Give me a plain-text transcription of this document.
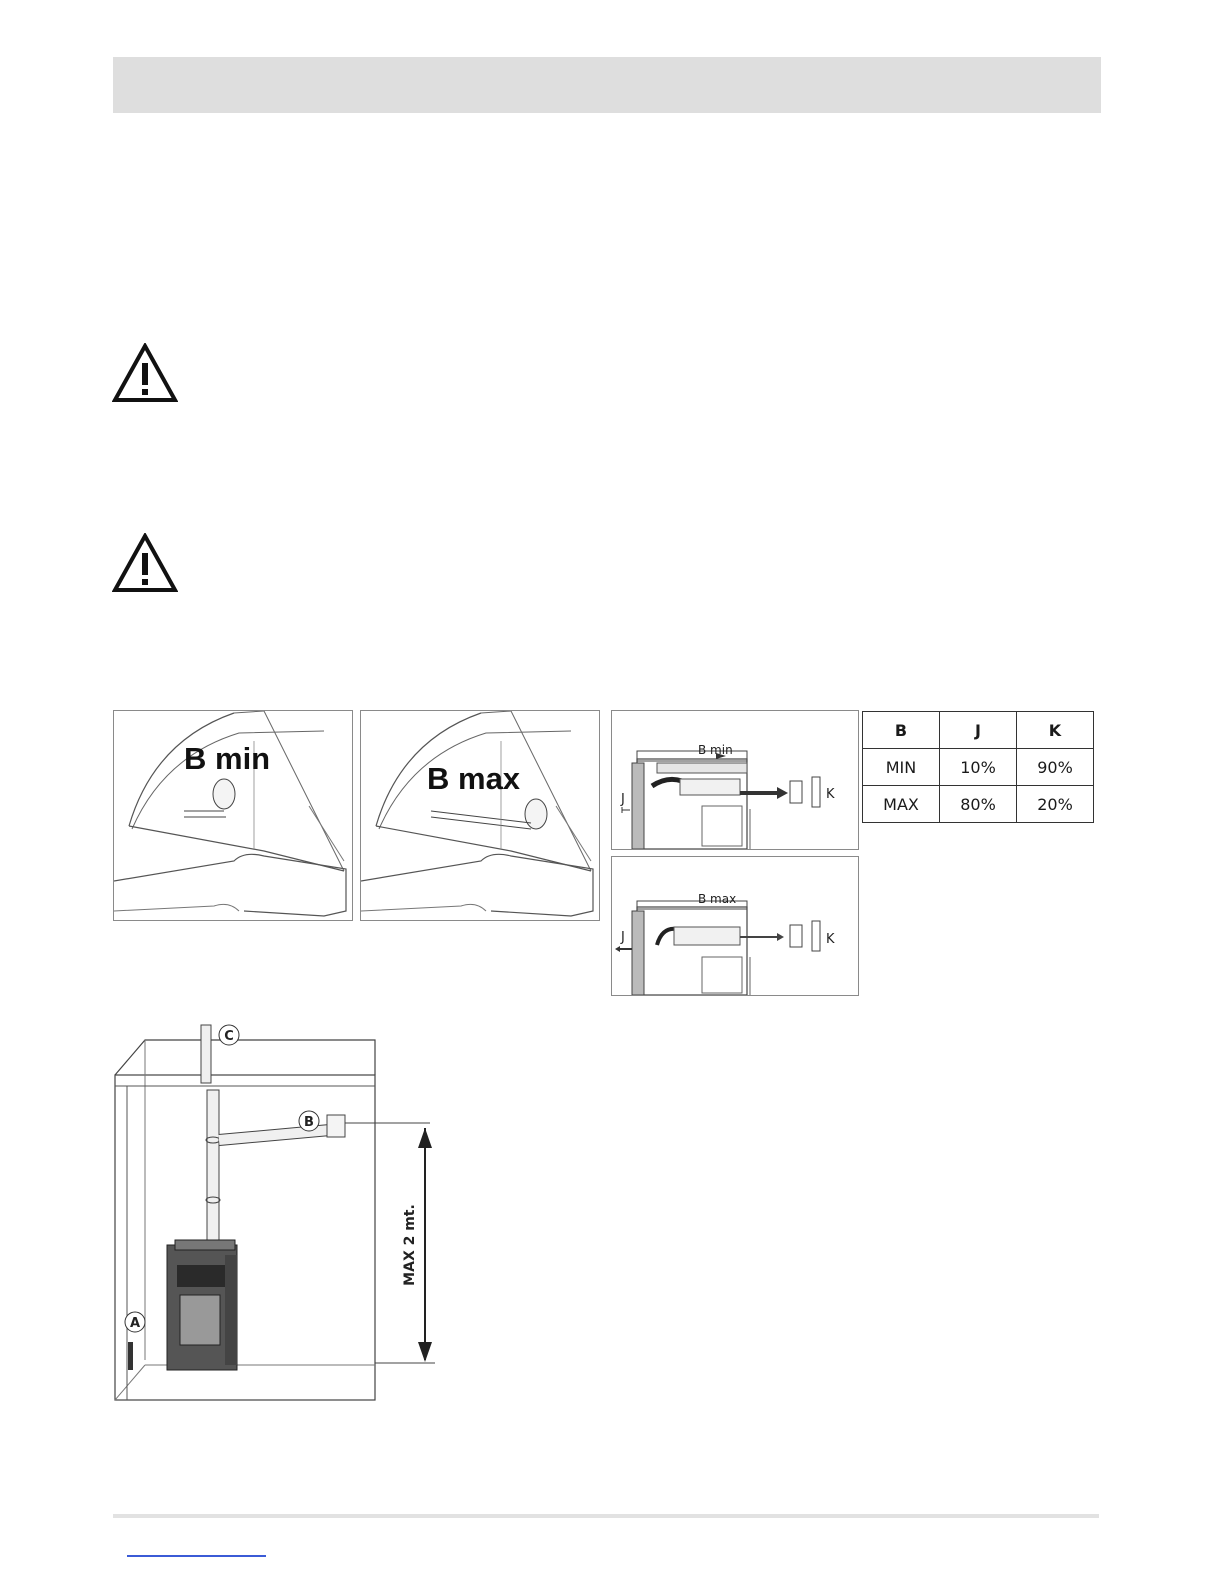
B min
B max
B min
J	K
B max
J	K
B	J	K
MIN	10%	90%
MAX	80%	20%
C
B
A
MAX 2 mt.
